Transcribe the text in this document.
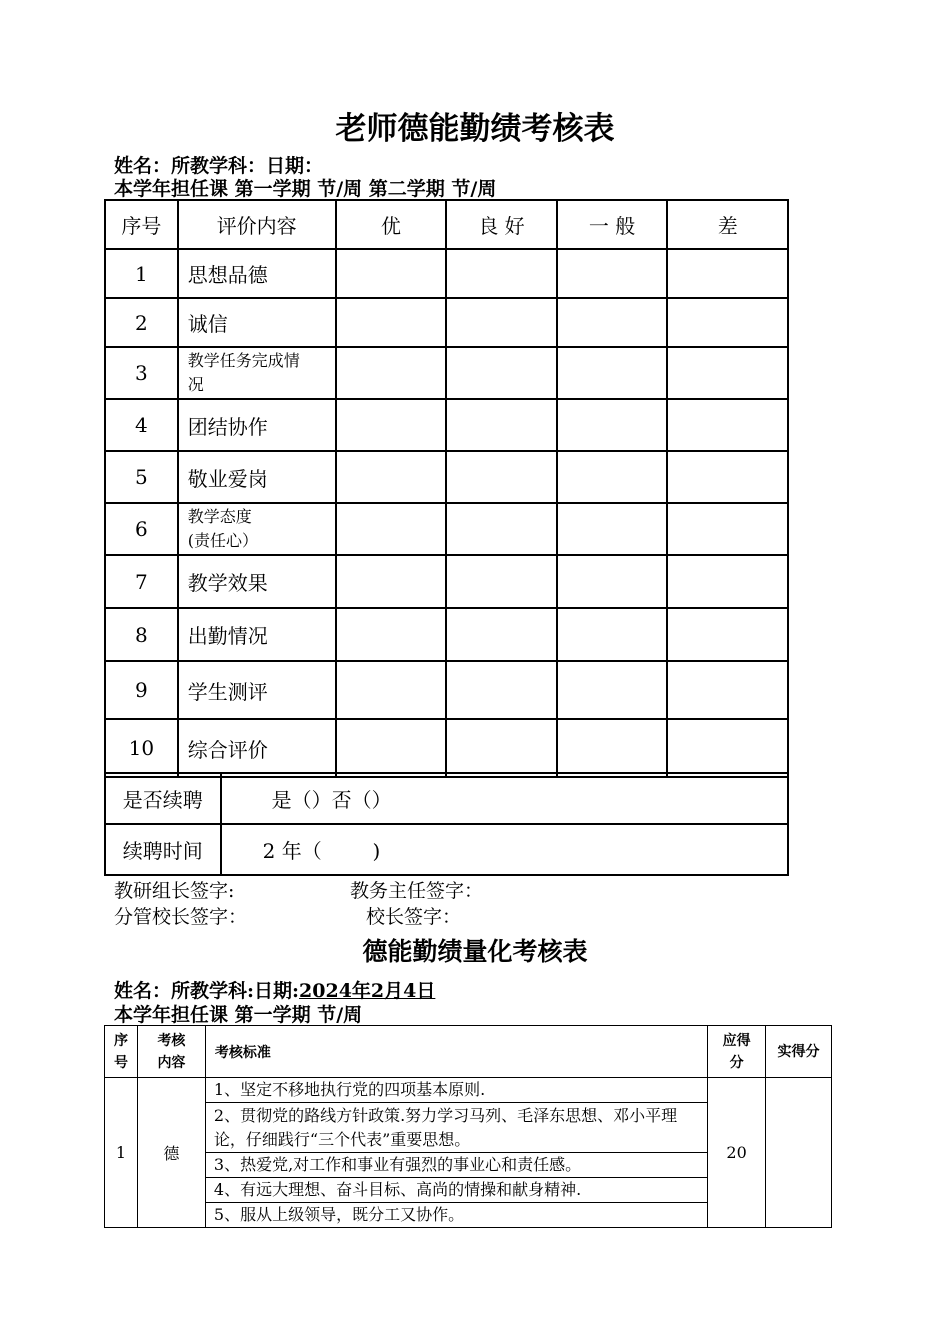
老师德能勤绩考核表
姓名：所教学科：日期：
本学年担任课 第一学期 节/周 第二学期 节/周
序号	评价内容	优	良 好	一 般	差
1	思想品德				
2	诚信				
3	教学任务完成情况				
4	团结协作				
5	敬业爱岗				
6	教学态度(责任心）				
7	教学效果				
8	出勤情况				
9	学生测评				
10	综合评价				
是否续聘	是（）否（）
续聘时间	2 年（        )
教研组长签字:	教务主任签字：
分管校长签字：	校长签字：
德能勤绩量化考核表
姓名：所教学科:日期:2024年2月4日
本学年担任课 第一学期 节/周
序号	考核内容	考核标准	应得分	实得分
1	德	1、坚定不移地执行党的四项基本原则.	20	
		2、贯彻党的路线方针政策.努力学习马列、毛泽东思想、邓小平理论，仔细践行“三个代表”重要思想。		
		3、热爱党,对工作和事业有强烈的事业心和责任感。		
		4、有远大理想、奋斗目标、高尚的情操和献身精神.		
		5、服从上级领导，既分工又协作。		
